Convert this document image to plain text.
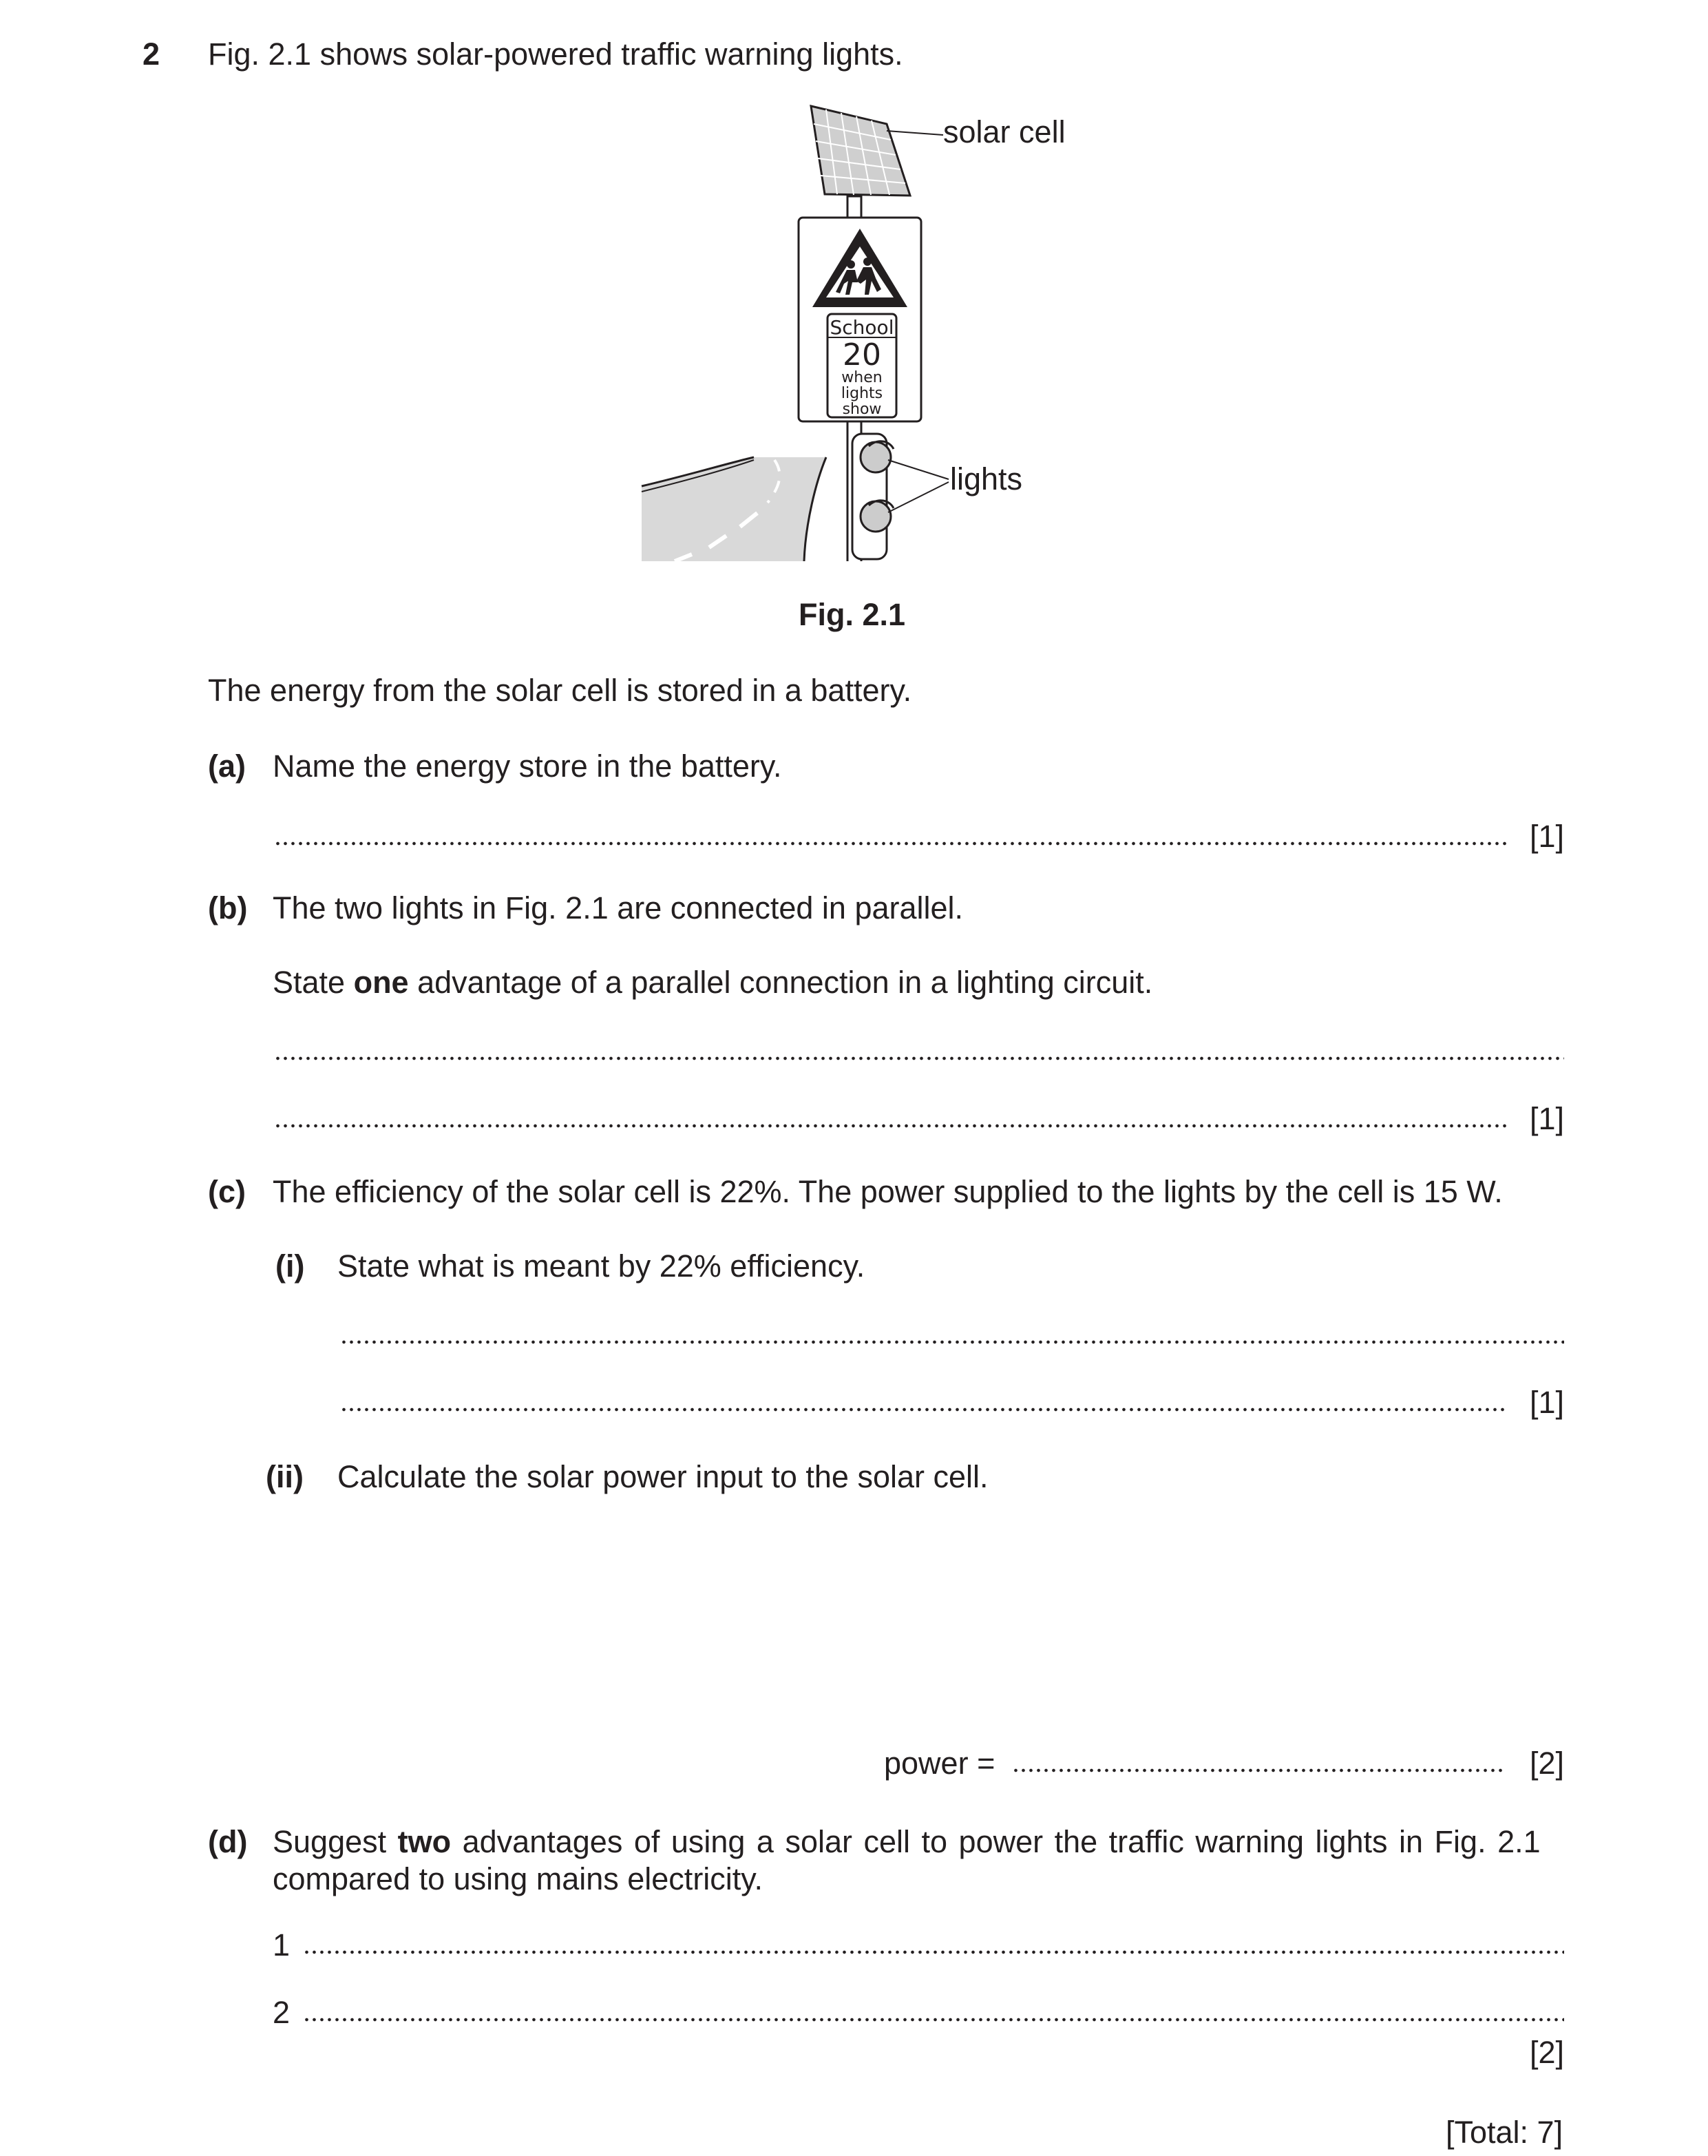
2 Fig. 2.1 shows solar-powered traffic warning lights.
School
20
when
lights
show
solar cell
lights
Fig. 2.1
The energy from the solar cell is stored in a battery.
(a) Name the energy store in the battery.
[1]
(b) The two lights in Fig. 2.1 are connected in parallel.
State one advantage of a parallel connection in a lighting circuit.
[1]
(c) The efficiency of the solar cell is 22%. The power supplied to the lights by the cell is 15 W.
(i) State what is meant by 22% efficiency.
[1]
(ii) Calculate the solar power input to the solar cell.
power =	[2]
(d) Suggest two advantages of using a solar cell to power the traffic warning lights in Fig. 2.1
compared to using mains electricity.
1
2
[2]
[Total: 7]
